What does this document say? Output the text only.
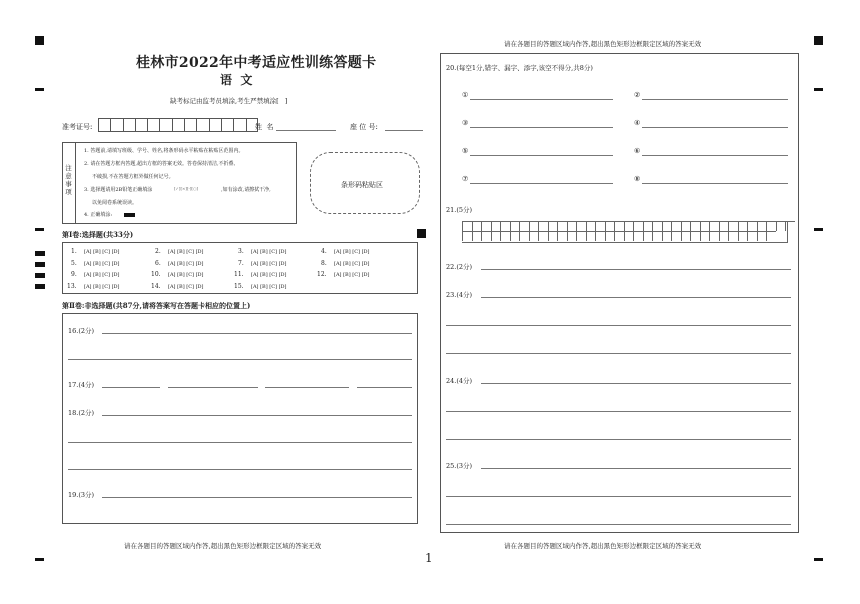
桂林市2022年中考适应性训练答题卡
语  文
缺考标记由监考员填涂,考生严禁填涂[   ]
准考证号:	姓  名	座 位 号:
注意事项
1. 答题前,请填写班级、学号、姓名,将条形码水平粘贴在粘贴区范围内。
2. 请在答题方框内答题,超出方框的答案无效。答卷保持清洁,不折叠、
不破损,不在答题方框外做任何记号。
3. 选择题请用2B铅笔正确填涂	[✓][×][-][○]	,如有涂改,请擦拭干净,
以免阅卷系统误读。
4. 正确填涂:
条形码粘贴区
第Ⅰ卷:选择题(共33分)
1. [A] [B] [C] [D]	2. [A] [B] [C] [D]	3. [A] [B] [C] [D]	4. [A] [B] [C] [D]
5. [A] [B] [C] [D]	6. [A] [B] [C] [D]	7. [A] [B] [C] [D]	8. [A] [B] [C] [D]
9. [A] [B] [C] [D]	10. [A] [B] [C] [D]	11. [A] [B] [C] [D]	12. [A] [B] [C] [D]
13. [A] [B] [C] [D]	14. [A] [B] [C] [D]	15. [A] [B] [C] [D]
第Ⅱ卷:非选择题(共87分,请将答案写在答题卡相应的位置上)
16.(2分)
17.(4分)
18.(2分)
19.(3分)
请在各题目的答题区域内作答,超出黑色矩形边框限定区域的答案无效
1
请在各题目的答题区域内作答,超出黑色矩形边框限定区域的答案无效
20.(每空1分,错字、漏字、添字,该空不得分,共8分)
①	②
③	④
⑤	⑥
⑦	⑧
21.(5分)
22.(2分)
23.(4分)
24.(4分)
25.(3分)
请在各题目的答题区域内作答,超出黑色矩形边框限定区域的答案无效
